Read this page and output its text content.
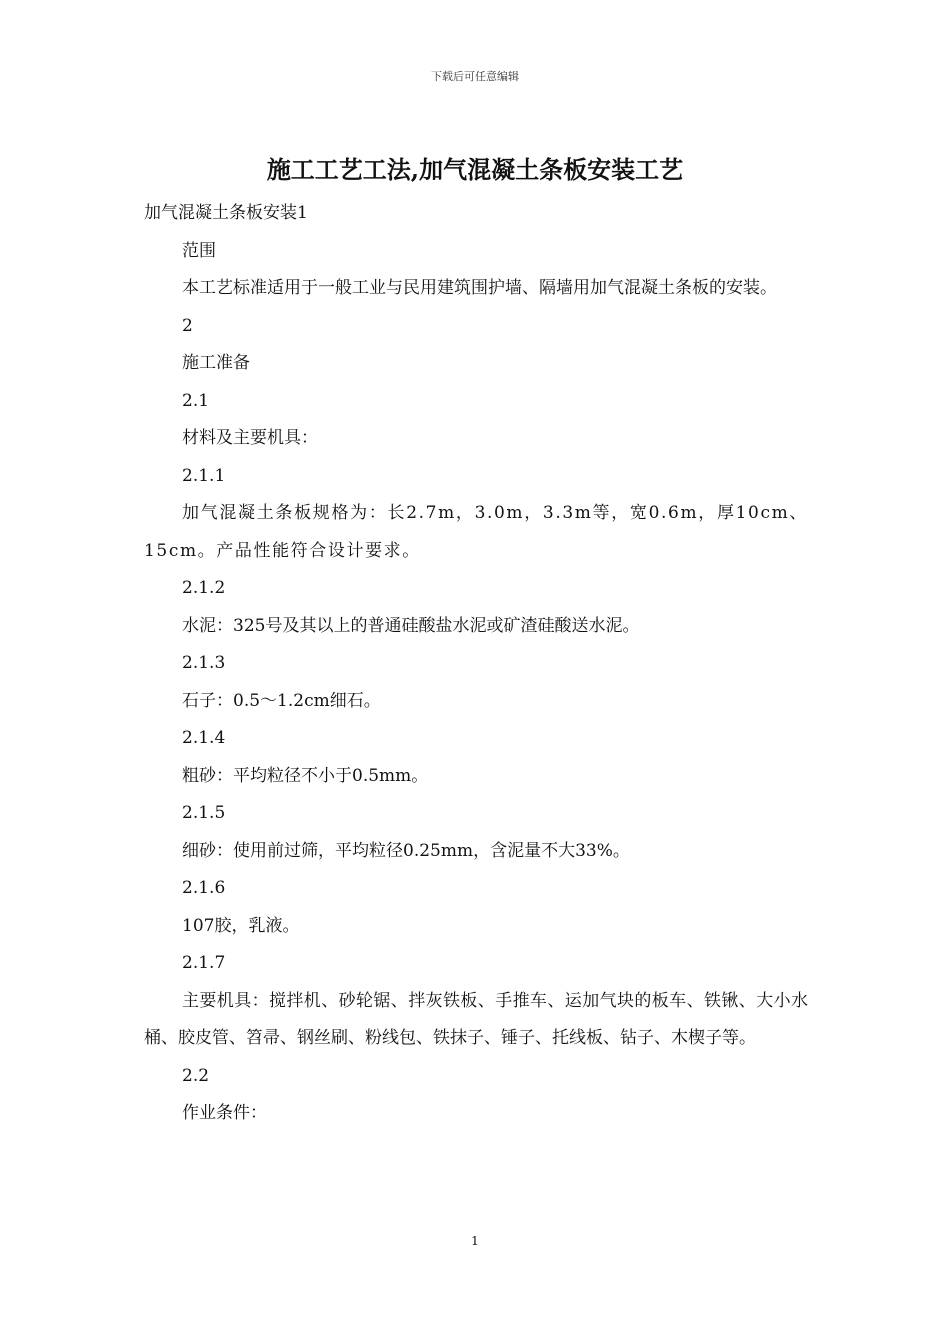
下载后可任意编辑
施工工艺工法,加气混凝土条板安装工艺

加气混凝土条板安装1

范围

本工艺标准适用于一般工业与民用建筑围护墙、隔墙用加气混凝土条板的安装。

2

施工准备

2.1

材料及主要机具：

2.1.1

加气混凝土条板规格为：长2.7m，3.0m，3.3m等，宽0.6m，厚10cm、15cm。产品性能符合设计要求。

2.1.2

水泥：325号及其以上的普通硅酸盐水泥或矿渣硅酸送水泥。

2.1.3

石子：0.5～1.2cm细石。

2.1.4

粗砂：平均粒径不小于0.5mm。

2.1.5

细砂：使用前过筛，平均粒径0.25mm，含泥量不大33%。

2.1.6

107胶，乳液。

2.1.7

主要机具：搅拌机、砂轮锯、拌灰铁板、手推车、运加气块的板车、铁锹、大小水桶、胶皮管、笤帚、钢丝刷、粉线包、铁抹子、锤子、托线板、钻子、木楔子等。

2.2

作业条件：

1
